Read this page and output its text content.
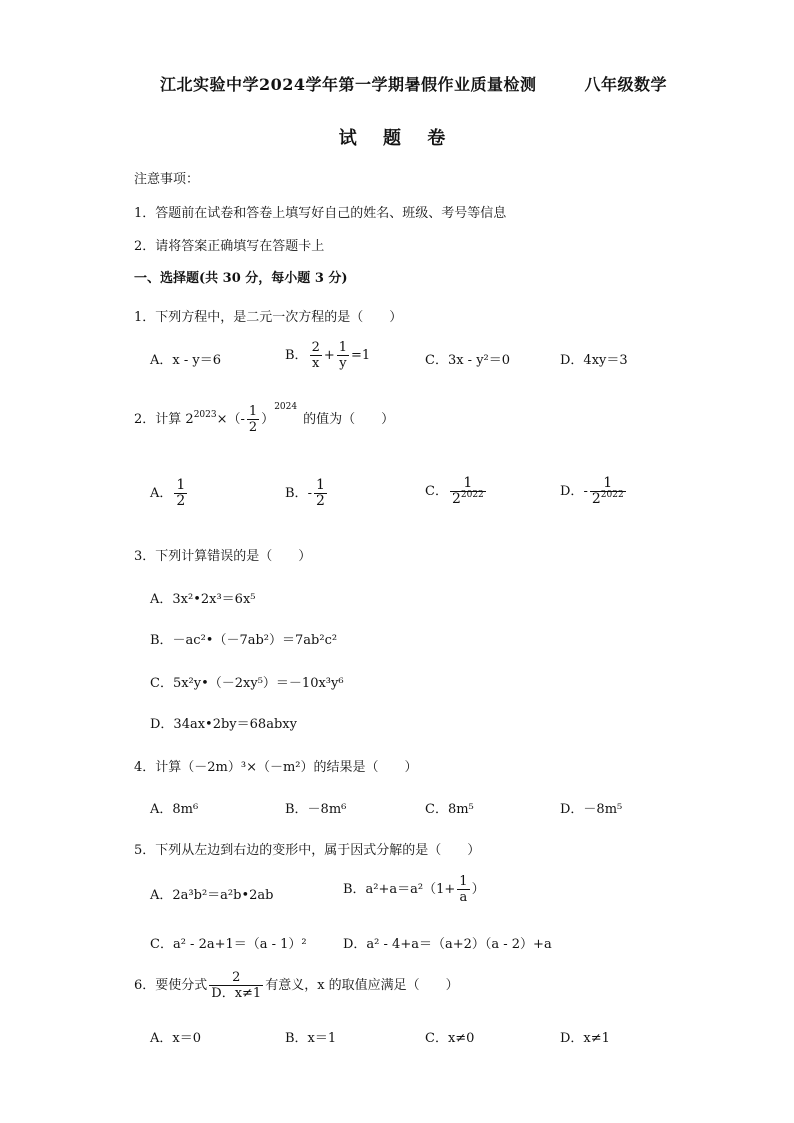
江北实验中学2024学年第一学期暑假作业质量检测	八年级数学
试 题 卷
注意事项：
1．答题前在试卷和答卷上填写好自己的姓名、班级、考号等信息
2．请将答案正确填写在答题卡上
一、选择题(共 30 分，每小题 3 分)
1．下列方程中，是二元一次方程的是（　　）
A．x - y＝6	B． $\frac{2}{x} + \frac{1}{y} =1$	C．3x - y²＝0	D．4xy＝3
2．计算 $2^{2023}\times(- \frac{1}{2} )^{2024}$的值为（　　）
A． $\frac{1}{2}$	B．- $\frac{1}{2}$	C． $\frac{1}{2^{2022}}$	D．- $\frac{1}{2^{2022}}$
3．下列计算错误的是（　　）
A．3x²•2x³＝6x⁵
B．－ac²•（－7ab²）＝7ab²c²
C．5x²y•（－2xy⁵）＝－10x³y⁶
D．34ax•2by＝68abxy
4．计算（－2m）³×（－m²）的结果是（　　）
A．8m⁶	B．－8m⁶	C．8m⁵	D．－8m⁵
5．下列从左边到右边的变形中，属于因式分解的是（　　）
A．2a³b²＝a²b•2ab	B．$a^2+a=a^2(1+ \frac{1}{a}$ ）
C．a² - 2a+1＝（a - 1）²	D．a² - 4+a＝（a+2）（a - 2）+a
6．要使分式 $\frac{2}{D.x\ne 1}$ 有意义，x 的取值应满足（　　）
A．x＝0	B．x＝1	C．x≠0	D．x≠1
